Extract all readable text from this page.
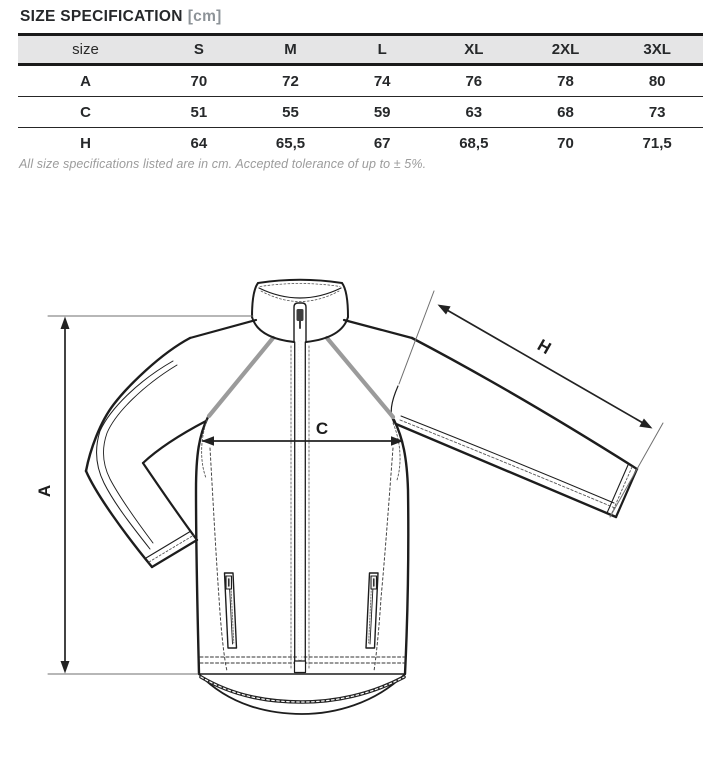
SIZE SPECIFICATION [cm]
size	S	M	L	XL	2XL	3XL
A	70	72	74	76	78	80
C	51	55	59	63	68	73
H	64	65,5	67	68,5	70	71,5
All size specifications listed are in cm. Accepted tolerance of up to ± 5%.
A
C
H
